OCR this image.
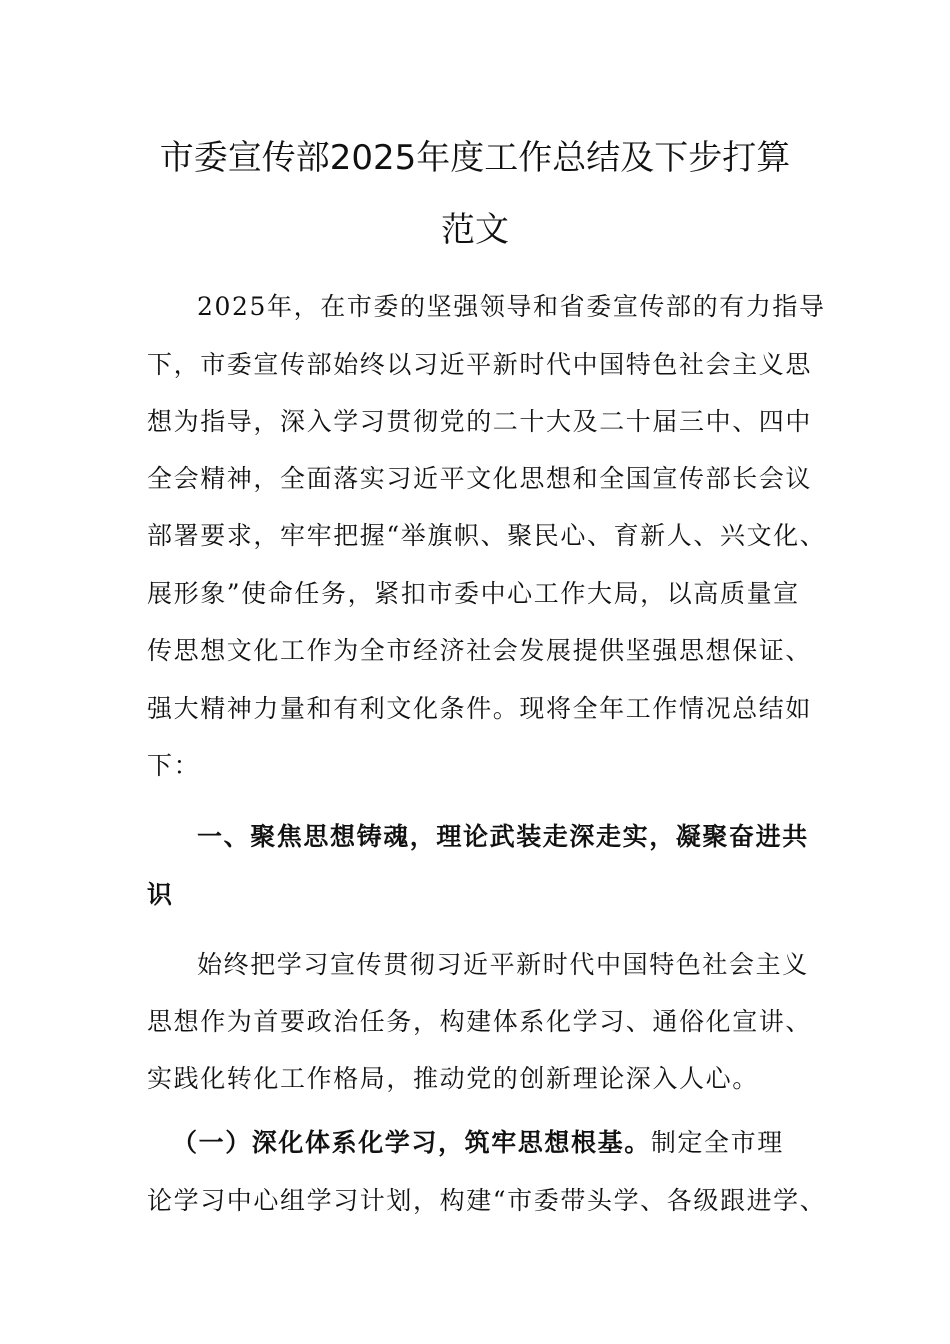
市委宣传部2025年度工作总结及下步打算
范文
2025年，在市委的坚强领导和省委宣传部的有力指导
下，市委宣传部始终以习近平新时代中国特色社会主义思
想为指导，深入学习贯彻党的二十大及二十届三中、四中
全会精神，全面落实习近平文化思想和全国宣传部长会议
部署要求，牢牢把握“举旗帜、聚民心、育新人、兴文化、
展形象”使命任务，紧扣市委中心工作大局，以高质量宣
传思想文化工作为全市经济社会发展提供坚强思想保证、
强大精神力量和有利文化条件。现将全年工作情况总结如
下：
一、聚焦思想铸魂，理论武装走深走实，凝聚奋进共
识
始终把学习宣传贯彻习近平新时代中国特色社会主义
思想作为首要政治任务，构建体系化学习、通俗化宣讲、
实践化转化工作格局，推动党的创新理论深入人心。
（一）深化体系化学习，筑牢思想根基。制定全市理
论学习中心组学习计划，构建“市委带头学、各级跟进学、
